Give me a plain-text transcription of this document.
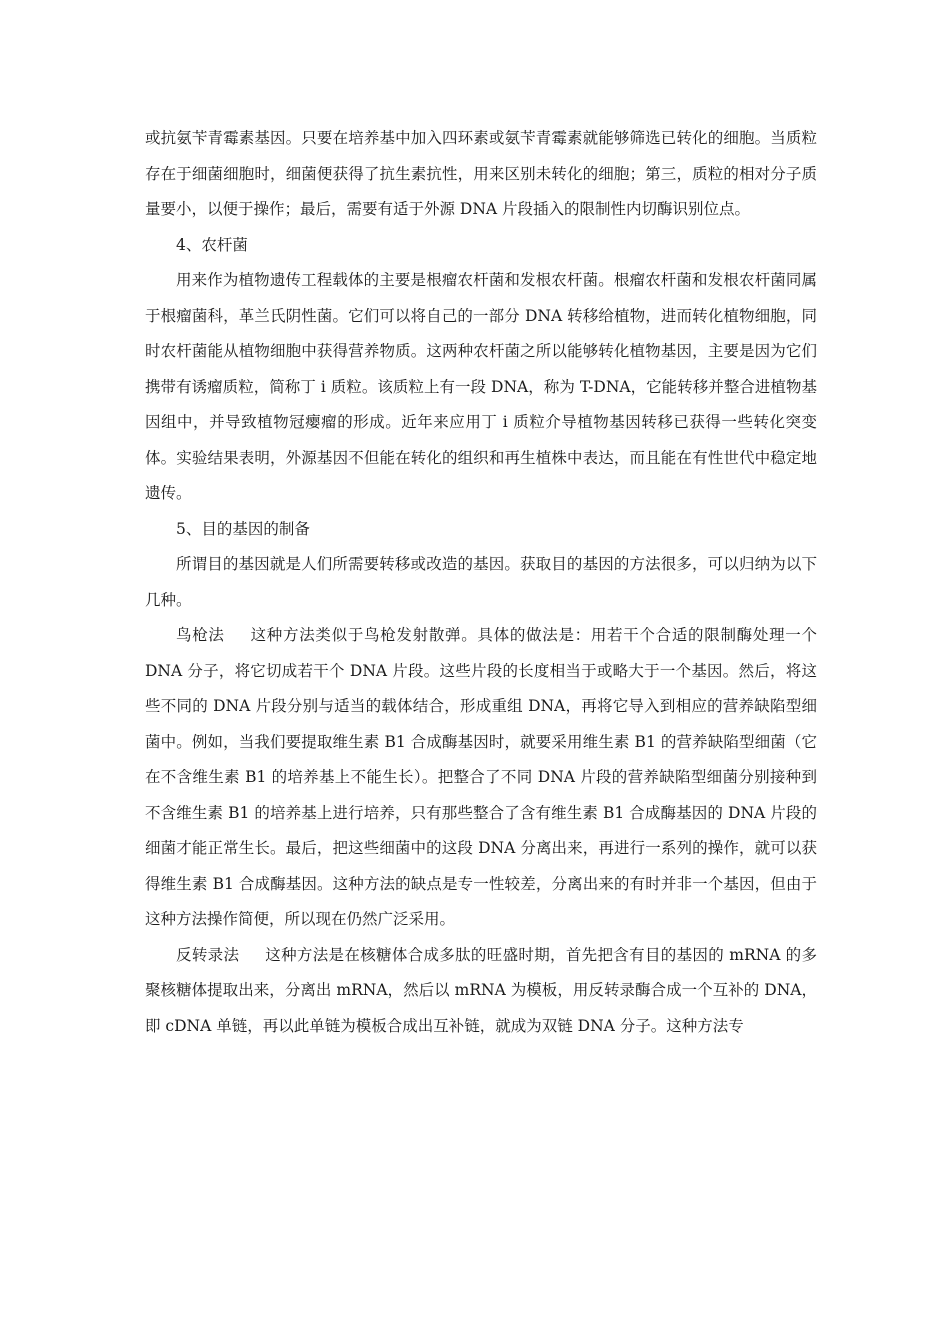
或抗氨苄青霉素基因。只要在培养基中加入四环素或氨苄青霉素就能够筛选已转化的细胞。当质粒存在于细菌细胞时，细菌便获得了抗生素抗性，用来区别未转化的细胞；第三，质粒的相对分子质量要小，以便于操作；最后，需要有适于外源 DNA 片段插入的限制性内切酶识别位点。

4、农杆菌

用来作为植物遗传工程载体的主要是根瘤农杆菌和发根农杆菌。根瘤农杆菌和发根农杆菌同属于根瘤菌科，革兰氏阴性菌。它们可以将自己的一部分 DNA 转移给植物，进而转化植物细胞，同时农杆菌能从植物细胞中获得营养物质。这两种农杆菌之所以能够转化植物基因，主要是因为它们携带有诱瘤质粒，简称丁 i 质粒。该质粒上有一段 DNA，称为 T-DNA，它能转移并整合进植物基因组中，并导致植物冠瘿瘤的形成。近年来应用丁 i 质粒介导植物基因转移已获得一些转化突变体。实验结果表明，外源基因不但能在转化的组织和再生植株中表达，而且能在有性世代中稳定地遗传。

5、目的基因的制备

所谓目的基因就是人们所需要转移或改造的基因。获取目的基因的方法很多，可以归纳为以下几种。

鸟枪法 这种方法类似于鸟枪发射散弹。具体的做法是：用若干个合适的限制酶处理一个 DNA 分子，将它切成若干个 DNA 片段。这些片段的长度相当于或略大于一个基因。然后，将这些不同的 DNA 片段分别与适当的载体结合，形成重组 DNA，再将它导入到相应的营养缺陷型细菌中。例如，当我们要提取维生素 B1 合成酶基因时，就要采用维生素 B1 的营养缺陷型细菌（它在不含维生素 B1 的培养基上不能生长）。把整合了不同 DNA 片段的营养缺陷型细菌分别接种到不含维生素 B1 的培养基上进行培养，只有那些整合了含有维生素 B1 合成酶基因的 DNA 片段的细菌才能正常生长。最后，把这些细菌中的这段 DNA 分离出来，再进行一系列的操作，就可以获得维生素 B1 合成酶基因。这种方法的缺点是专一性较差，分离出来的有时并非一个基因，但由于这种方法操作简便，所以现在仍然广泛采用。

反转录法 这种方法是在核糖体合成多肽的旺盛时期，首先把含有目的基因的 mRNA 的多聚核糖体提取出来，分离出 mRNA，然后以 mRNA 为模板，用反转录酶合成一个互补的 DNA，即 cDNA 单链，再以此单链为模板合成出互补链，就成为双链 DNA 分子。这种方法专
